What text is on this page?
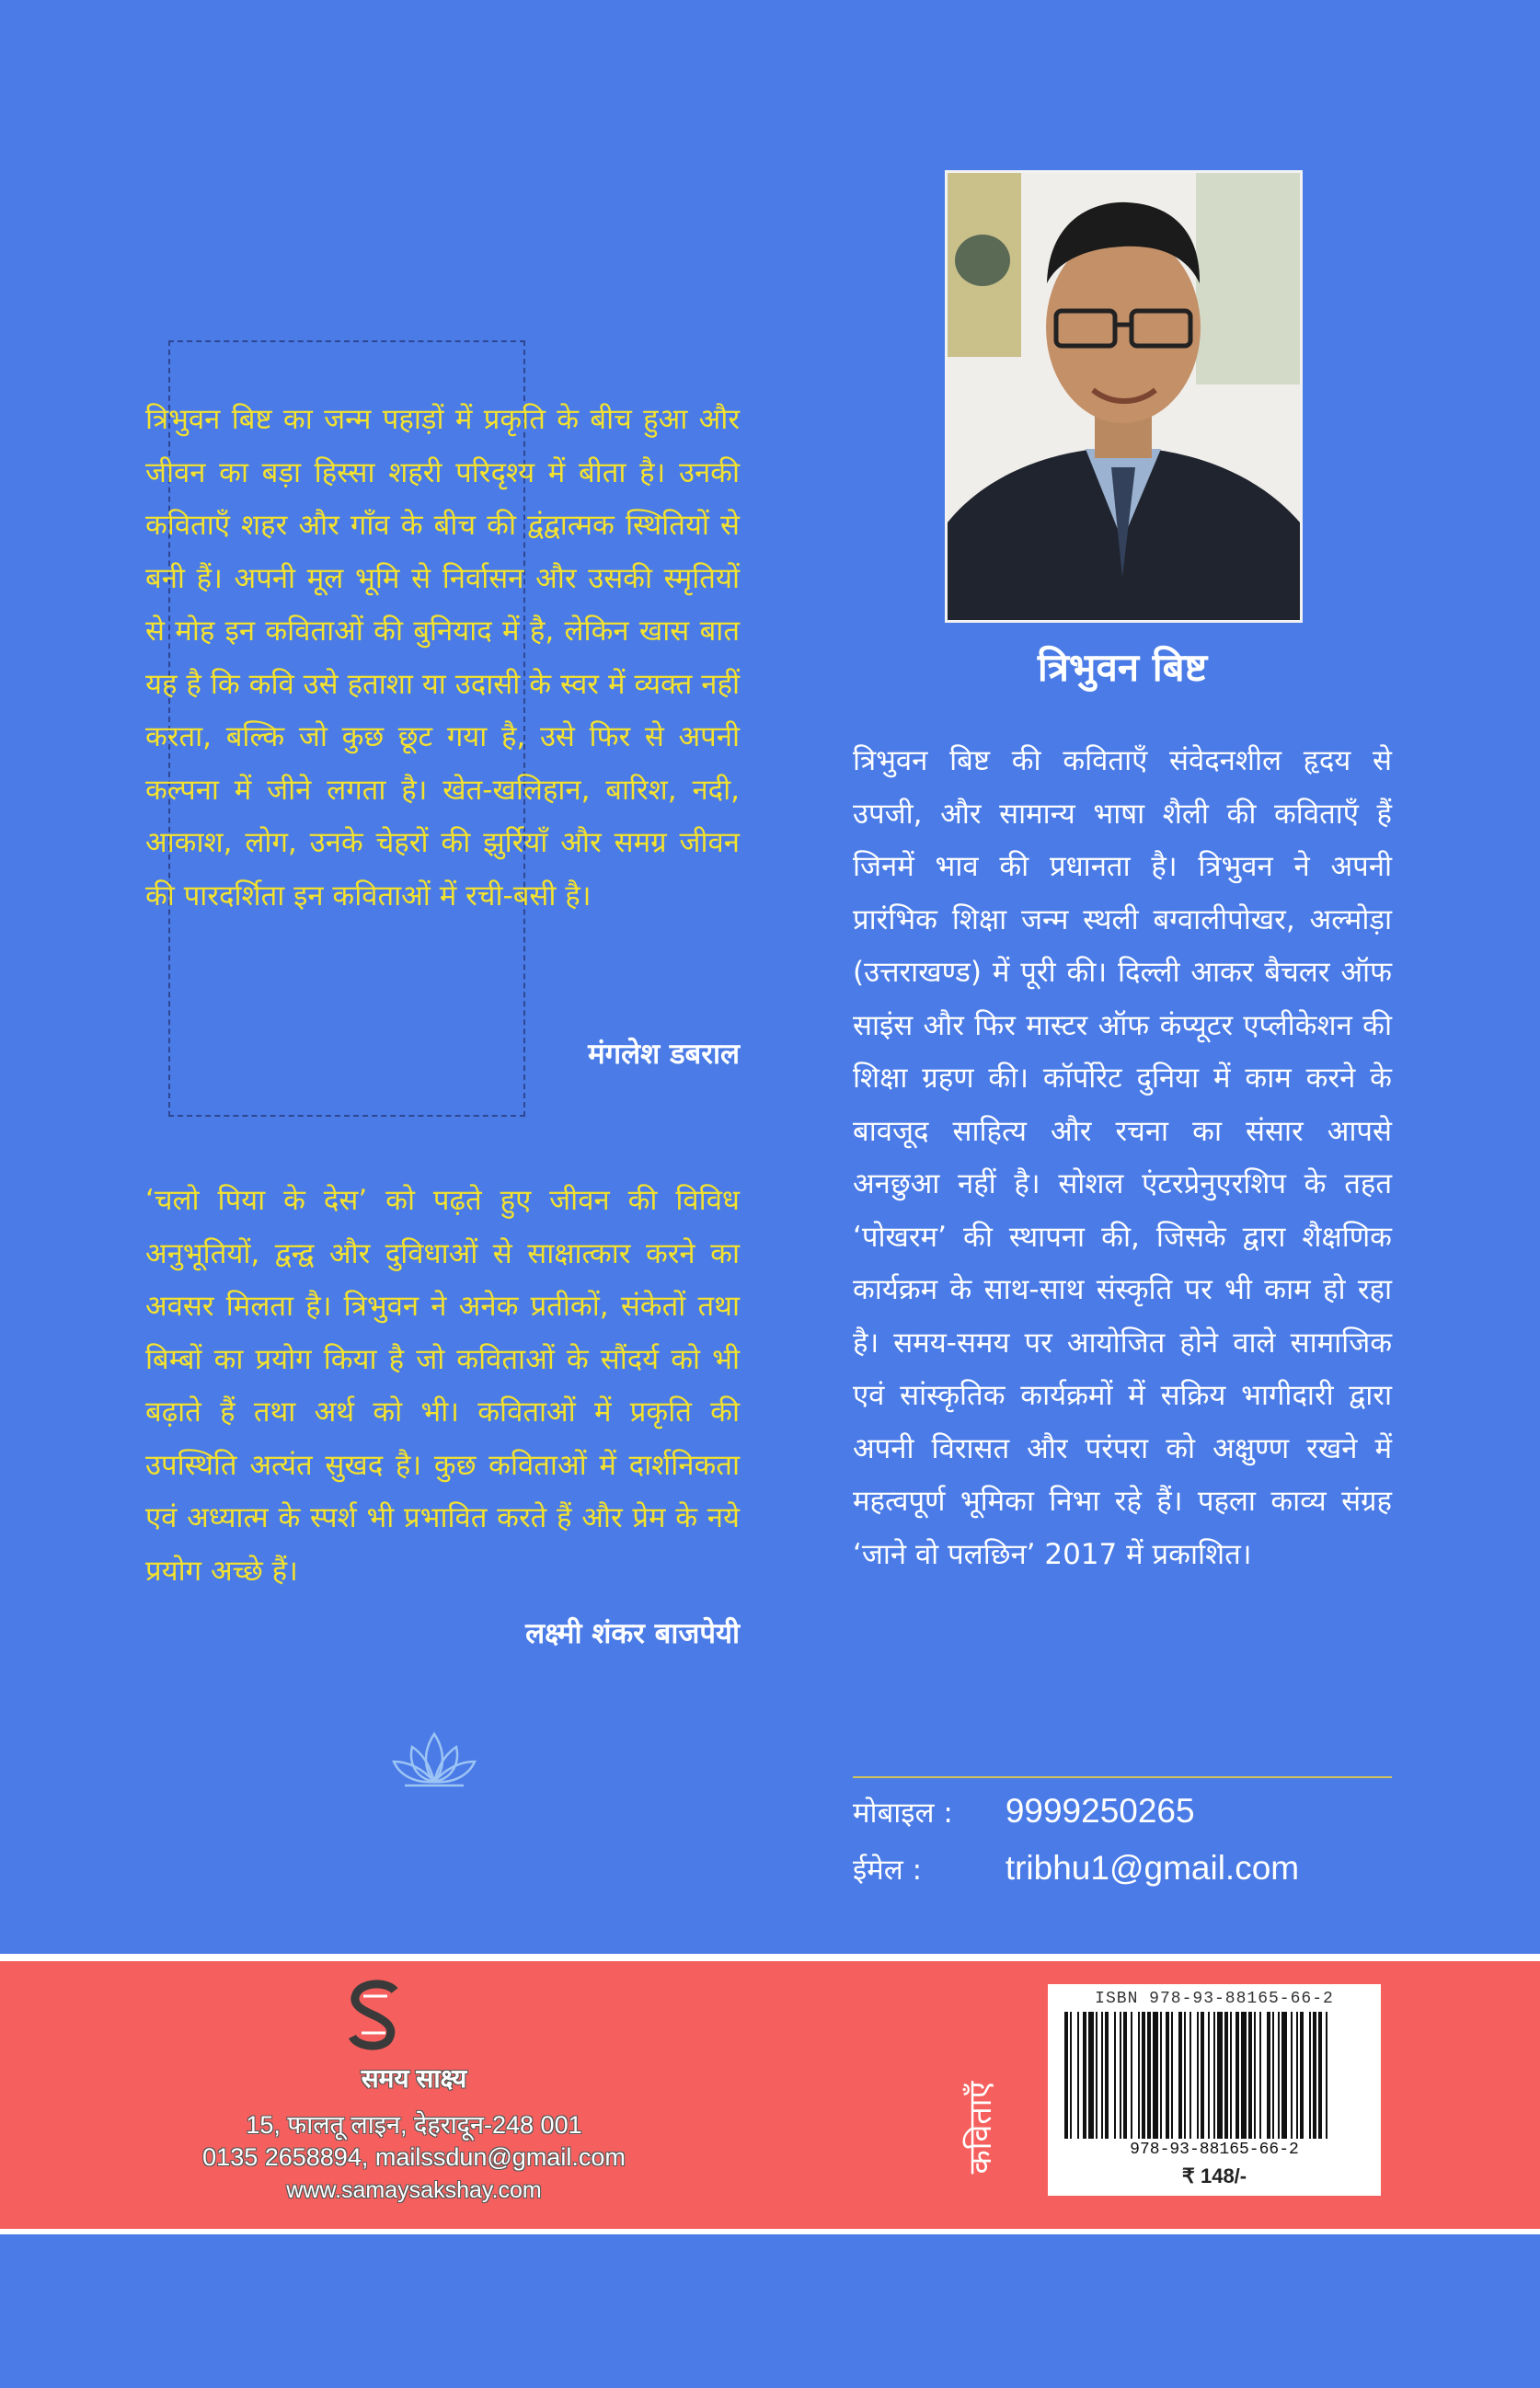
त्रिभुवन बिष्ट का जन्म पहाड़ों में प्रकृति के बीच हुआ और जीवन का बड़ा हिस्सा शहरी परिदृश्य में बीता है। उनकी कविताएँ शहर और गाँव के बीच की द्वंद्वात्मक स्थितियों से बनी हैं। अपनी मूल भूमि से निर्वासन और उसकी स्मृतियों से मोह इन कविताओं की बुनियाद में है, लेकिन खास बात यह है कि कवि उसे हताशा या उदासी के स्वर में व्यक्त नहीं करता, बल्कि जो कुछ छूट गया है, उसे फिर से अपनी कल्पना में जीने लगता है। खेत-खलिहान, बारिश, नदी, आकाश, लोग, उनके चेहरों की झुर्रियाँ और समग्र जीवन की पारदर्शिता इन कविताओं में रची-बसी है।

मंगलेश डबराल

‘चलो पिया के देस’ को पढ़ते हुए जीवन की विविध अनुभूतियों, द्वन्द्व और दुविधाओं से साक्षात्कार करने का अवसर मिलता है। त्रिभुवन ने अनेक प्रतीकों, संकेतों तथा बिम्बों का प्रयोग किया है जो कविताओं के सौंदर्य को भी बढ़ाते हैं तथा अर्थ को भी। कविताओं में प्रकृति की उपस्थिति अत्यंत सुखद है। कुछ कविताओं में दार्शनिकता एवं अध्यात्म के स्पर्श भी प्रभावित करते हैं और प्रेम के नये प्रयोग अच्छे हैं।

लक्ष्मी शंकर बाजपेयी
त्रिभुवन बिष्ट

त्रिभुवन बिष्ट की कविताएँ संवेदनशील हृदय से उपजी, और सामान्य भाषा शैली की कविताएँ हैं जिनमें भाव की प्रधानता है। त्रिभुवन ने अपनी प्रारंभिक शिक्षा जन्म स्थली बग्वालीपोखर, अल्मोड़ा (उत्तराखण्ड) में पूरी की। दिल्ली आकर बैचलर ऑफ साइंस और फिर मास्टर ऑफ कंप्यूटर एप्लीकेशन की शिक्षा ग्रहण की। कॉर्पोरेट दुनिया में काम करने के बावजूद साहित्य और रचना का संसार आपसे अनछुआ नहीं है। सोशल एंटरप्रेनुएरशिप के तहत ‘पोखरम’ की स्थापना की, जिसके द्वारा शैक्षणिक कार्यक्रम के साथ-साथ संस्कृति पर भी काम हो रहा है। समय-समय पर आयोजित होने वाले सामाजिक एवं सांस्कृतिक कार्यक्रमों में सक्रिय भागीदारी द्वारा अपनी विरासत और परंपरा को अक्षुण्ण रखने में महत्वपूर्ण भूमिका निभा रहे हैं। पहला काव्य संग्रह ‘जाने वो पलछिन’ 2017 में प्रकाशित।

मोबाइल : 9999250265
ईमेल : tribhu1@gmail.com
समय साक्ष्य
15, फालतू लाइन, देहरादून-248 001
0135 2658894, mailssdun@gmail.com
www.samaysakshay.com
कविताएँ
ISBN 978-93-88165-66-2
978-93-88165-66-2
₹ 148/-
